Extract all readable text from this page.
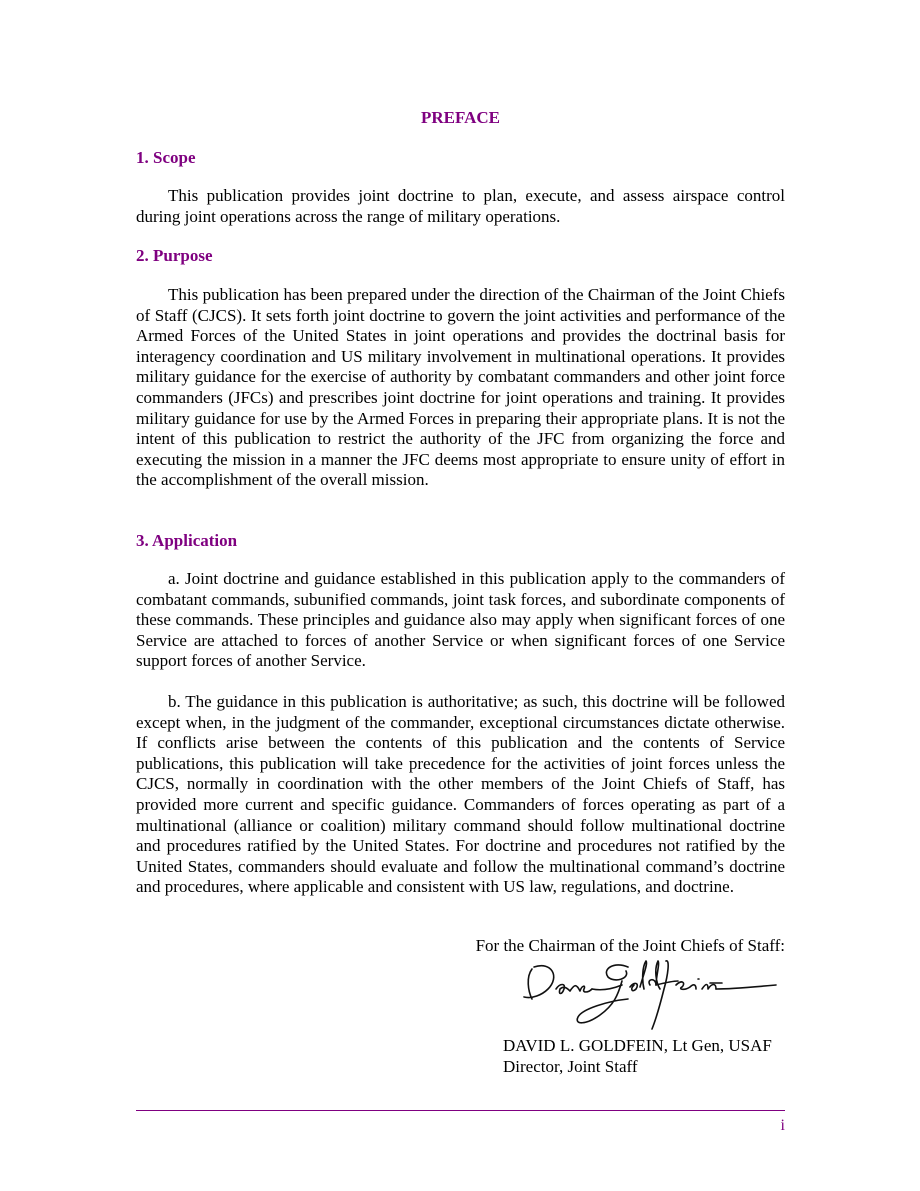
PREFACE
1. Scope

This publication provides joint doctrine to plan, execute, and assess airspace control during joint operations across the range of military operations.

2. Purpose

This publication has been prepared under the direction of the Chairman of the Joint Chiefs of Staff (CJCS). It sets forth joint doctrine to govern the joint activities and performance of the Armed Forces of the United States in joint operations and provides the doctrinal basis for interagency coordination and US military involvement in multinational operations. It provides military guidance for the exercise of authority by combatant commanders and other joint force commanders (JFCs) and prescribes joint doctrine for joint operations and training. It provides military guidance for use by the Armed Forces in preparing their appropriate plans. It is not the intent of this publication to restrict the authority of the JFC from organizing the force and executing the mission in a manner the JFC deems most appropriate to ensure unity of effort in the accomplishment of the overall mission.

3. Application

a. Joint doctrine and guidance established in this publication apply to the commanders of combatant commands, subunified commands, joint task forces, and subordinate components of these commands. These principles and guidance also may apply when significant forces of one Service are attached to forces of another Service or when significant forces of one Service support forces of another Service.

b. The guidance in this publication is authoritative; as such, this doctrine will be followed except when, in the judgment of the commander, exceptional circumstances dictate otherwise. If conflicts arise between the contents of this publication and the contents of Service publications, this publication will take precedence for the activities of joint forces unless the CJCS, normally in coordination with the other members of the Joint Chiefs of Staff, has provided more current and specific guidance. Commanders of forces operating as part of a multinational (alliance or coalition) military command should follow multinational doctrine and procedures ratified by the United States. For doctrine and procedures not ratified by the United States, commanders should evaluate and follow the multinational command’s doctrine and procedures, where applicable and consistent with US law, regulations, and doctrine.

For the Chairman of the Joint Chiefs of Staff:

DAVID L. GOLDFEIN, Lt Gen, USAF
Director, Joint Staff

i
